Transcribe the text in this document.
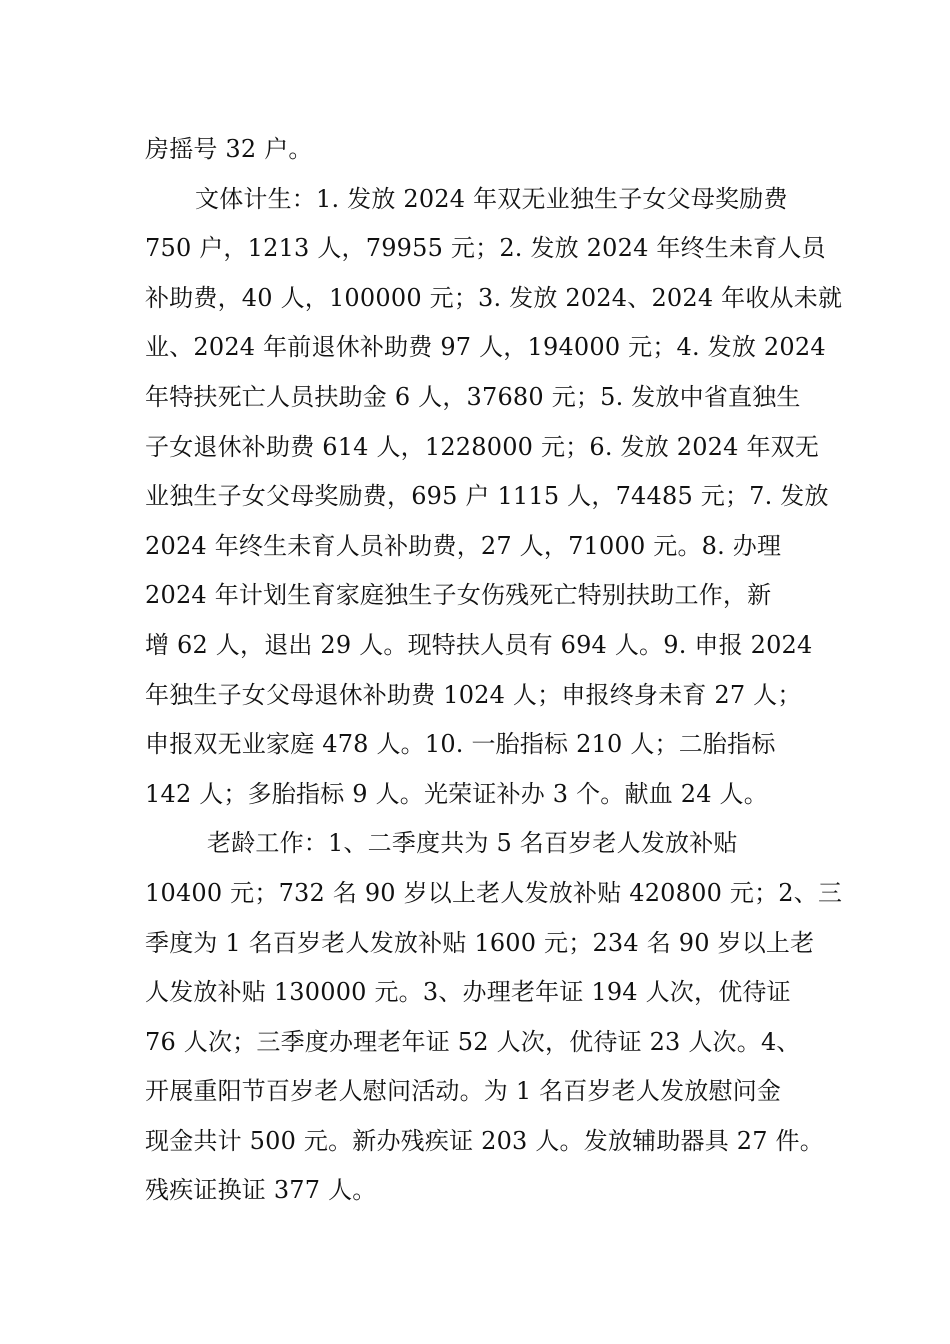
房摇号 32 户。
文体计生：1. 发放 2024 年双无业独生子女父母奖励费
750 户，1213 人，79955 元；2. 发放 2024 年终生未育人员
补助费，40 人，100000 元；3. 发放 2024、2024 年收从未就
业、2024 年前退休补助费 97 人，194000 元；4. 发放 2024
年特扶死亡人员扶助金 6 人，37680 元；5. 发放中省直独生
子女退休补助费 614 人，1228000 元；6. 发放 2024 年双无
业独生子女父母奖励费，695 户 1115 人，74485 元；7. 发放
2024 年终生未育人员补助费，27 人，71000 元。8. 办理
2024 年计划生育家庭独生子女伤残死亡特别扶助工作，新
增 62 人，退出 29 人。现特扶人员有 694 人。9. 申报 2024
年独生子女父母退休补助费 1024 人；申报终身未育 27 人；
申报双无业家庭 478 人。10. 一胎指标 210 人；二胎指标
142 人；多胎指标 9 人。光荣证补办 3 个。献血 24 人。
老龄工作：1、二季度共为 5 名百岁老人发放补贴
10400 元；732 名 90 岁以上老人发放补贴 420800 元；2、三
季度为 1 名百岁老人发放补贴 1600 元；234 名 90 岁以上老
人发放补贴 130000 元。3、办理老年证 194 人次，优待证
76 人次；三季度办理老年证 52 人次，优待证 23 人次。4、
开展重阳节百岁老人慰问活动。为 1 名百岁老人发放慰问金
现金共计 500 元。新办残疾证 203 人。发放辅助器具 27 件。
残疾证换证 377 人。
